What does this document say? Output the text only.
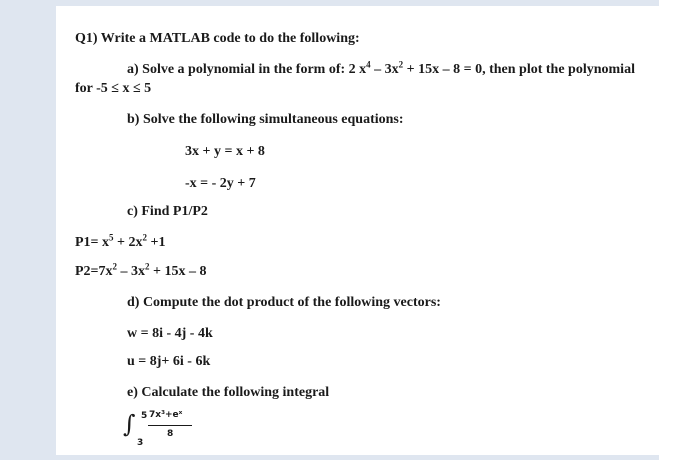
Q1) Write a MATLAB code to do the following:
a) Solve a polynomial in the form of: 2 $x^4 - 3x^2 + 15x - 8 = 0$, then plot the polynomial
for -5 ≤ x ≤ 5
b) Solve the following simultaneous equations:
3x + y = x + 8
-x = - 2y + 7
c) Find P1/P2
$P1= x^5 + 2x^2 +1$
$P2=7x^2 - 3x^2 + 15x - 8$
d) Compute the dot product of the following vectors:
w = 8i - 4j - 4k
u = 8j+ 6i - 6k
e) Calculate the following integral
∫ 5
3
7x³+eˣ
8
